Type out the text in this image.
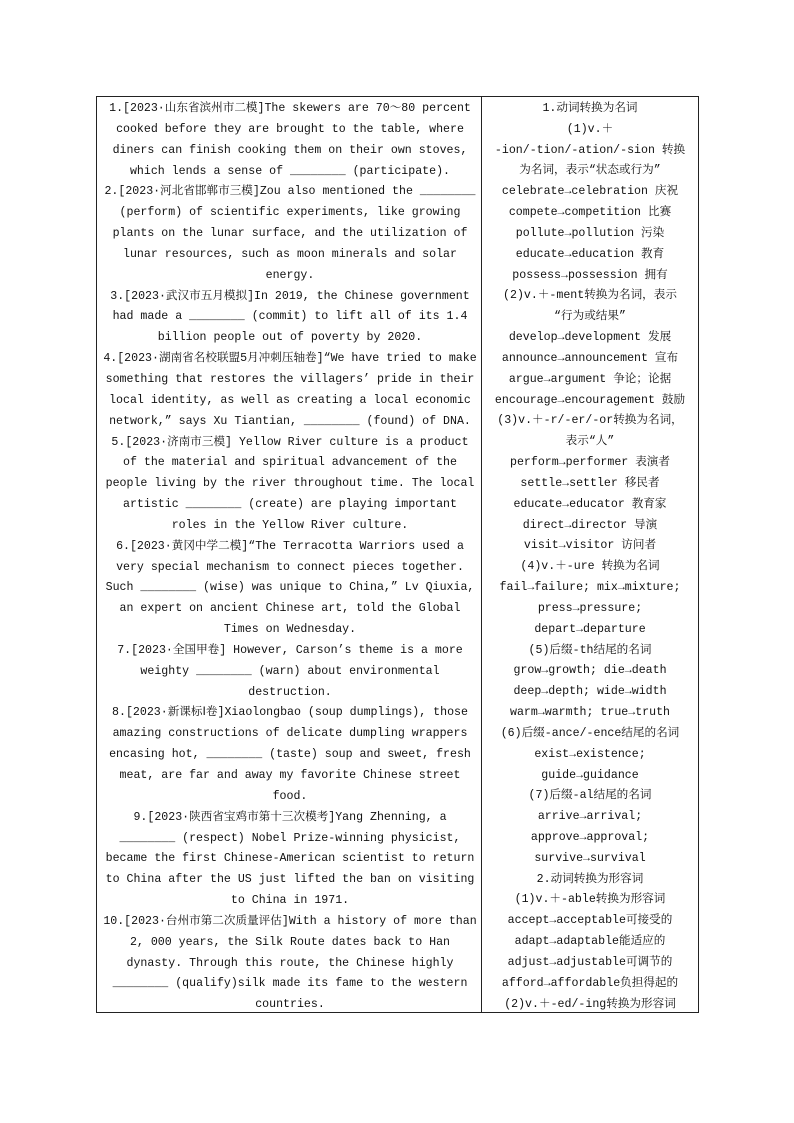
1.[2023·山东省滨州市二模]The skewers are 70～80 percent cooked before they are brought to the table, where diners can finish cooking them on their own stoves, which lends a sense of ________ (participate).

2.[2023·河北省邯郸市三模]Zou also mentioned the ________ (perform) of scientific experiments, like growing plants on the lunar surface, and the utilization of lunar resources, such as moon minerals and solar energy.

3.[2023·武汉市五月模拟]In 2019, the Chinese government had made a ________ (commit) to lift all of its 1.4 billion people out of poverty by 2020.

4.[2023·湖南省名校联盟5月冲刺压轴卷]“We have tried to make something that restores the villagers’ pride in their local identity, as well as creating a local economic network,” says Xu Tiantian, ________ (found) of DNA.

5.[2023·济南市三模] Yellow River culture is a product of the material and spiritual advancement of the people living by the river throughout time. The local artistic ________ (create) are playing important roles in the Yellow River culture.

6.[2023·黄冈中学二模]“The Terracotta Warriors used a very special mechanism to connect pieces together. Such ________ (wise) was unique to China,” Lv Qiuxia, an expert on ancient Chinese art, told the Global Times on Wednesday.

7.[2023·全国甲卷] However, Carson’s theme is a more weighty ________ (warn) about environmental destruction.

8.[2023·新课标Ⅰ卷]Xiaolongbao (soup dumplings), those amazing constructions of delicate dumpling wrappers encasing hot, ________ (taste) soup and sweet, fresh meat, are far and away my favorite Chinese street food.

9.[2023·陕西省宝鸡市第十三次模考]Yang Zhenning, a ________ (respect) Nobel Prize-winning physicist, became the first Chinese-American scientist to return to China after the US just lifted the ban on visiting to China in 1971.

10.[2023·台州市第二次质量评估]With a history of more than 2, 000 years, the Silk Route dates back to Han dynasty. Through this route, the Chinese highly ________ (qualify)silk made its fame to the western countries.

1.动词转换为名词

(1)v.＋

-ion/-tion/-ation/-sion 转换

为名词，表示“状态或行为”

celebrate→celebration 庆祝

compete→competition 比赛

pollute→pollution 污染

educate→education 教育

possess→possession 拥有

(2)v.＋-ment转换为名词，表示

“行为或结果”

develop→development 发展

announce→announcement 宣布

argue→argument 争论；论据

encourage→encouragement 鼓励

(3)v.＋-r/-er/-or转换为名词，

表示“人”

perform→performer 表演者

settle→settler 移民者

educate→educator 教育家

direct→director 导演

visit→visitor 访问者

(4)v.＋-ure 转换为名词

fail→failure; mix→mixture;

press→pressure;

depart→departure

(5)后缀-th结尾的名词

grow→growth; die→death

deep→depth; wide→width

warm→warmth; true→truth

(6)后缀-ance/-ence结尾的名词

exist→existence;

guide→guidance

(7)后缀-al结尾的名词

arrive→arrival;

approve→approval;

survive→survival

2.动词转换为形容词

(1)v.＋-able转换为形容词

accept→acceptable可接受的

adapt→adaptable能适应的

adjust→adjustable可调节的

afford→affordable负担得起的

(2)v.＋-ed/-ing转换为形容词
